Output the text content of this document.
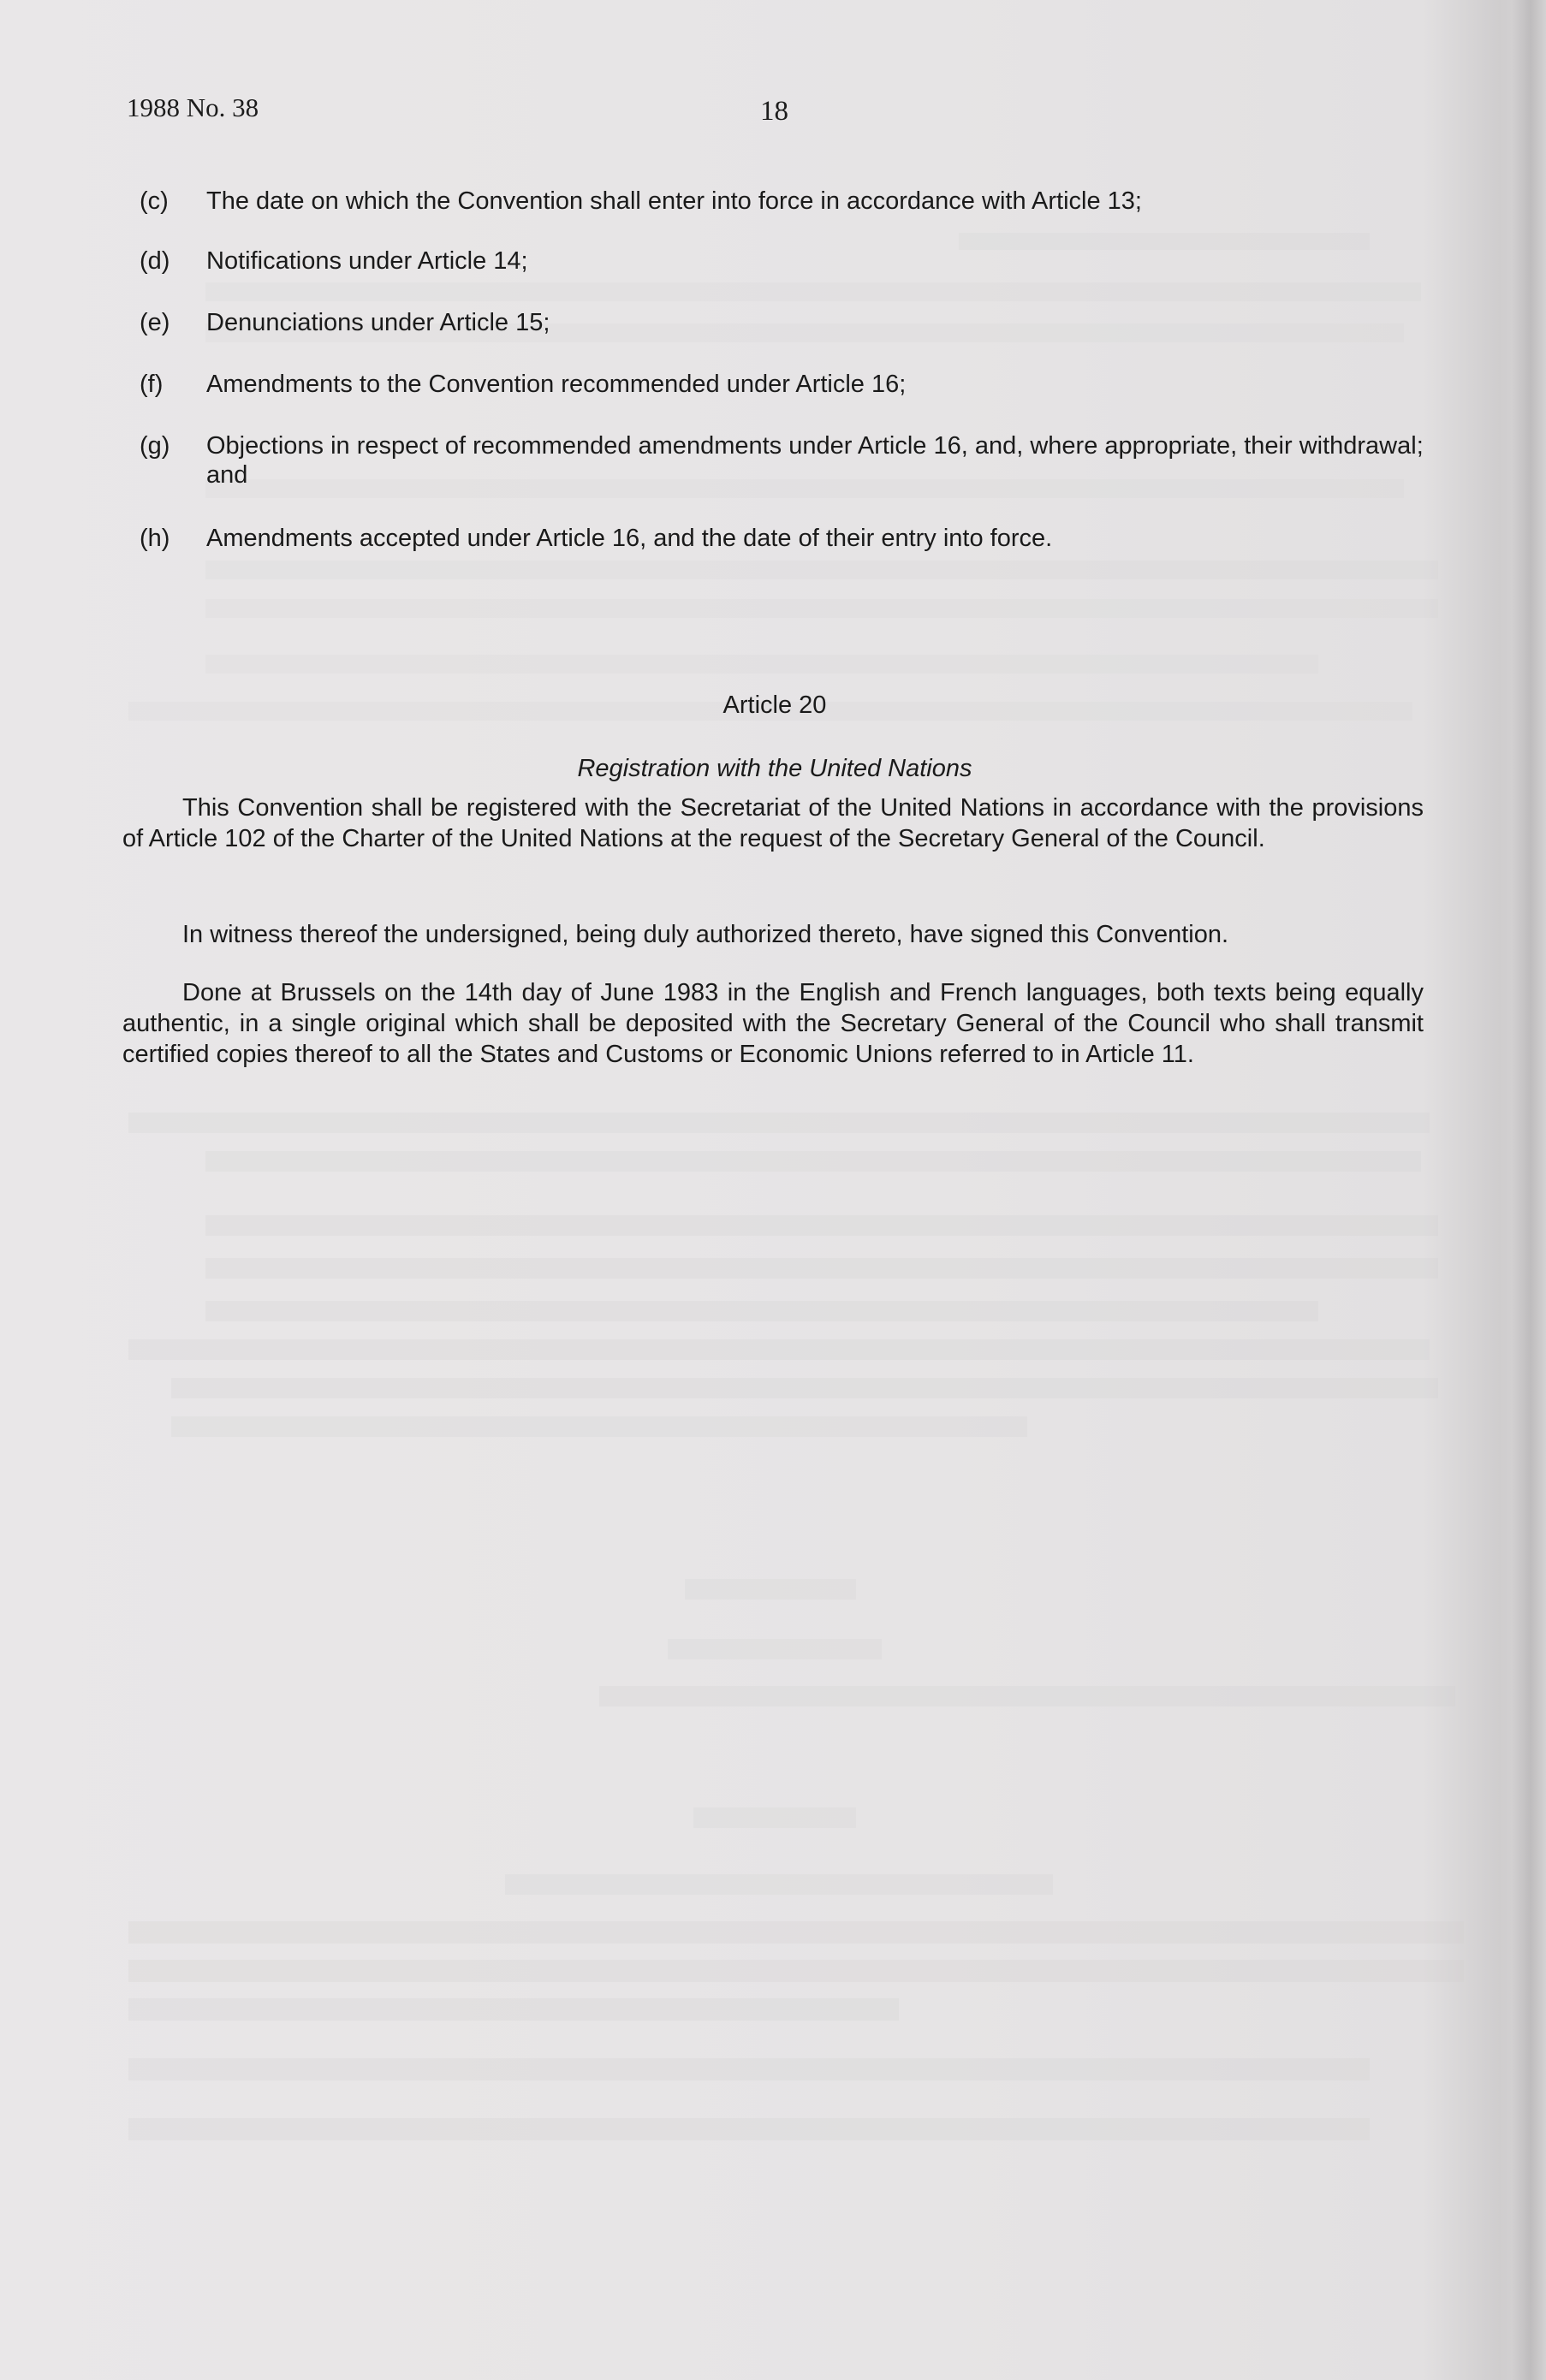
1988 No. 38	18
(c)	The date on which the Convention shall enter into force in accordance with Article 13;
(d)	Notifications under Article 14;
(e)	Denunciations under Article 15;
(f)	Amendments to the Convention recommended under Article 16;
(g)	Objections in respect of recommended amendments under Article 16, and, where appropriate, their withdrawal; and
(h)	Amendments accepted under Article 16, and the date of their entry into force.
Article 20
Registration with the United Nations
This Convention shall be registered with the Secretariat of the United Nations in accordance with the provisions of Article 102 of the Charter of the United Nations at the request of the Secretary General of the Council.
In witness thereof the undersigned, being duly authorized thereto, have signed this Convention.
Done at Brussels on the 14th day of June 1983 in the English and French languages, both texts being equally authentic, in a single original which shall be deposited with the Secretary General of the Council who shall transmit certified copies thereof to all the States and Customs or Economic Unions referred to in Article 11.
